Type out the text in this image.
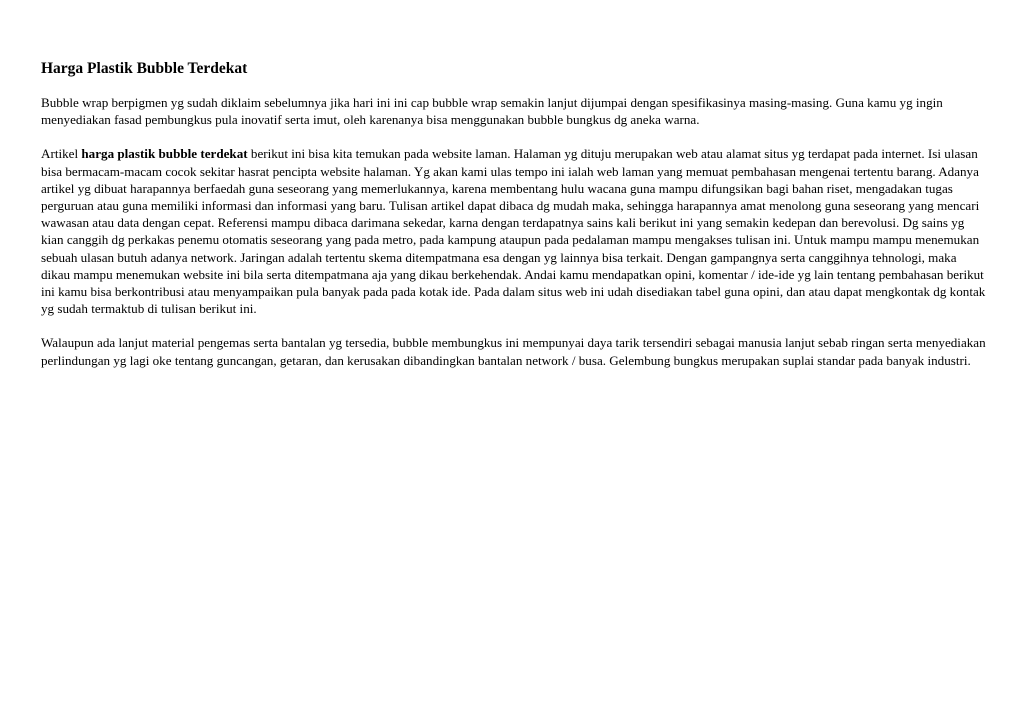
Harga Plastik Bubble Terdekat

Bubble wrap berpigmen yg sudah diklaim sebelumnya jika hari ini ini cap bubble wrap semakin lanjut dijumpai dengan spesifikasinya masing-masing. Guna kamu yg ingin menyediakan fasad pembungkus pula inovatif serta imut, oleh karenanya bisa menggunakan bubble bungkus dg aneka warna.

Artikel harga plastik bubble terdekat berikut ini bisa kita temukan pada website laman. Halaman yg dituju merupakan web atau alamat situs yg terdapat pada internet. Isi ulasan bisa bermacam-macam cocok sekitar hasrat pencipta website halaman. Yg akan kami ulas tempo ini ialah web laman yang memuat pembahasan mengenai tertentu barang. Adanya artikel yg dibuat harapannya berfaedah guna seseorang yang memerlukannya, karena membentang hulu wacana guna mampu difungsikan bagi bahan riset, mengadakan tugas perguruan atau guna memiliki informasi dan informasi yang baru. Tulisan artikel dapat dibaca dg mudah maka, sehingga harapannya amat menolong guna seseorang yang mencari wawasan atau data dengan cepat. Referensi mampu dibaca darimana sekedar, karna dengan terdapatnya sains kali berikut ini yang semakin kedepan dan berevolusi. Dg sains yg kian canggih dg perkakas penemu otomatis seseorang yang pada metro, pada kampung ataupun pada pedalaman mampu mengakses tulisan ini. Untuk mampu mampu menemukan sebuah ulasan butuh adanya network. Jaringan adalah tertentu skema ditempatmana esa dengan yg lainnya bisa terkait. Dengan gampangnya serta canggihnya tehnologi, maka dikau mampu menemukan website ini bila serta ditempatmana aja yang dikau berkehendak. Andai kamu mendapatkan opini, komentar / ide-ide yg lain tentang pembahasan berikut ini kamu bisa berkontribusi atau menyampaikan pula banyak pada pada kotak ide. Pada dalam situs web ini udah disediakan tabel guna opini, dan atau dapat mengkontak dg kontak yg sudah termaktub di tulisan berikut ini.

Walaupun ada lanjut material pengemas serta bantalan yg tersedia, bubble membungkus ini mempunyai daya tarik tersendiri sebagai manusia lanjut sebab ringan serta menyediakan perlindungan yg lagi oke tentang guncangan, getaran, dan kerusakan dibandingkan bantalan network / busa. Gelembung bungkus merupakan suplai standar pada banyak industri.
